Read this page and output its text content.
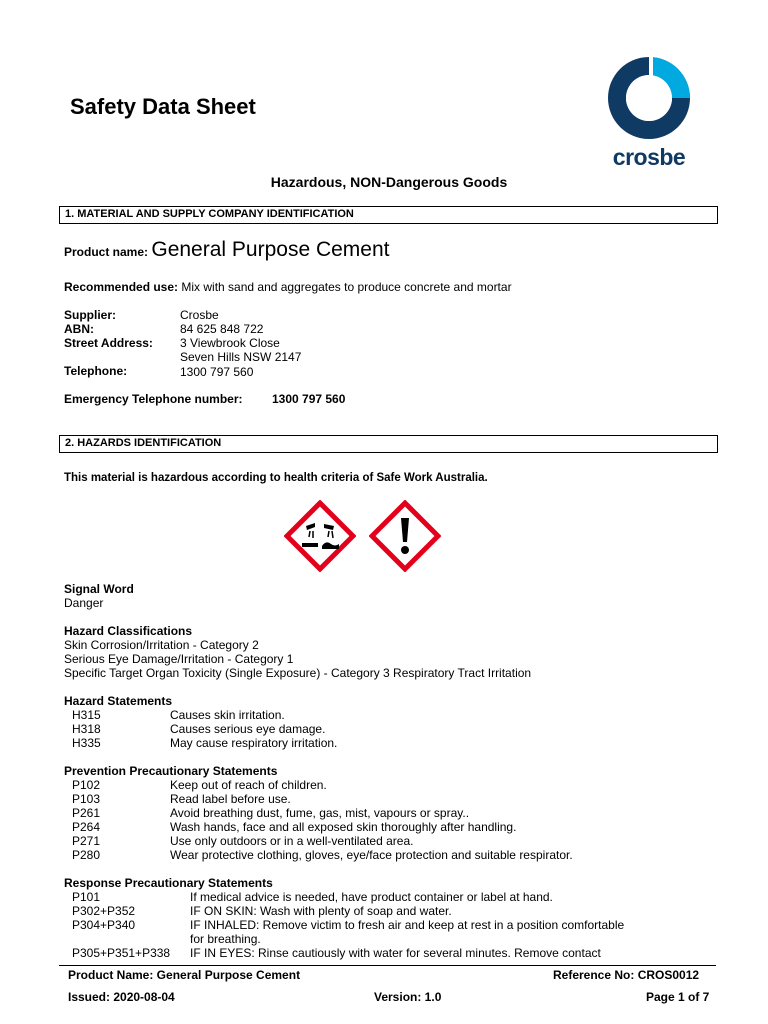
Safety Data Sheet
crosbe
Hazardous, NON-Dangerous Goods
1. MATERIAL AND SUPPLY COMPANY IDENTIFICATION
Product name: General Purpose Cement
Recommended use: Mix with sand and aggregates to produce concrete and mortar
Supplier:	Crosbe
ABN:	84 625 848 722
Street Address: 3 Viewbrook Close
Seven Hills NSW 2147
Telephone:	1300 797 560
Emergency Telephone number: 1300 797 560
2. HAZARDS IDENTIFICATION
This material is hazardous according to health criteria of Safe Work Australia.
Signal Word
Danger
Hazard Classifications
Skin Corrosion/Irritation - Category 2
Serious Eye Damage/Irritation - Category 1
Specific Target Organ Toxicity (Single Exposure) - Category 3 Respiratory Tract Irritation
Hazard Statements
H315	Causes skin irritation.
H318	Causes serious eye damage.
H335	May cause respiratory irritation.
Prevention Precautionary Statements
P102	Keep out of reach of children.
P103	Read label before use.
P261	Avoid breathing dust, fume, gas, mist, vapours or spray..
P264	Wash hands, face and all exposed skin thoroughly after handling.
P271	Use only outdoors or in a well-ventilated area.
P280	Wear protective clothing, gloves, eye/face protection and suitable respirator.
Response Precautionary Statements
P101	If medical advice is needed, have product container or label at hand.
P302+P352	IF ON SKIN: Wash with plenty of soap and water.
P304+P340	IF INHALED: Remove victim to fresh air and keep at rest in a position comfortable
for breathing.
P305+P351+P338 IF IN EYES: Rinse cautiously with water for several minutes. Remove contact
Product Name: General Purpose Cement	Reference No: CROS0012
Issued: 2020-08-04	Version: 1.0	Page 1 of 7
